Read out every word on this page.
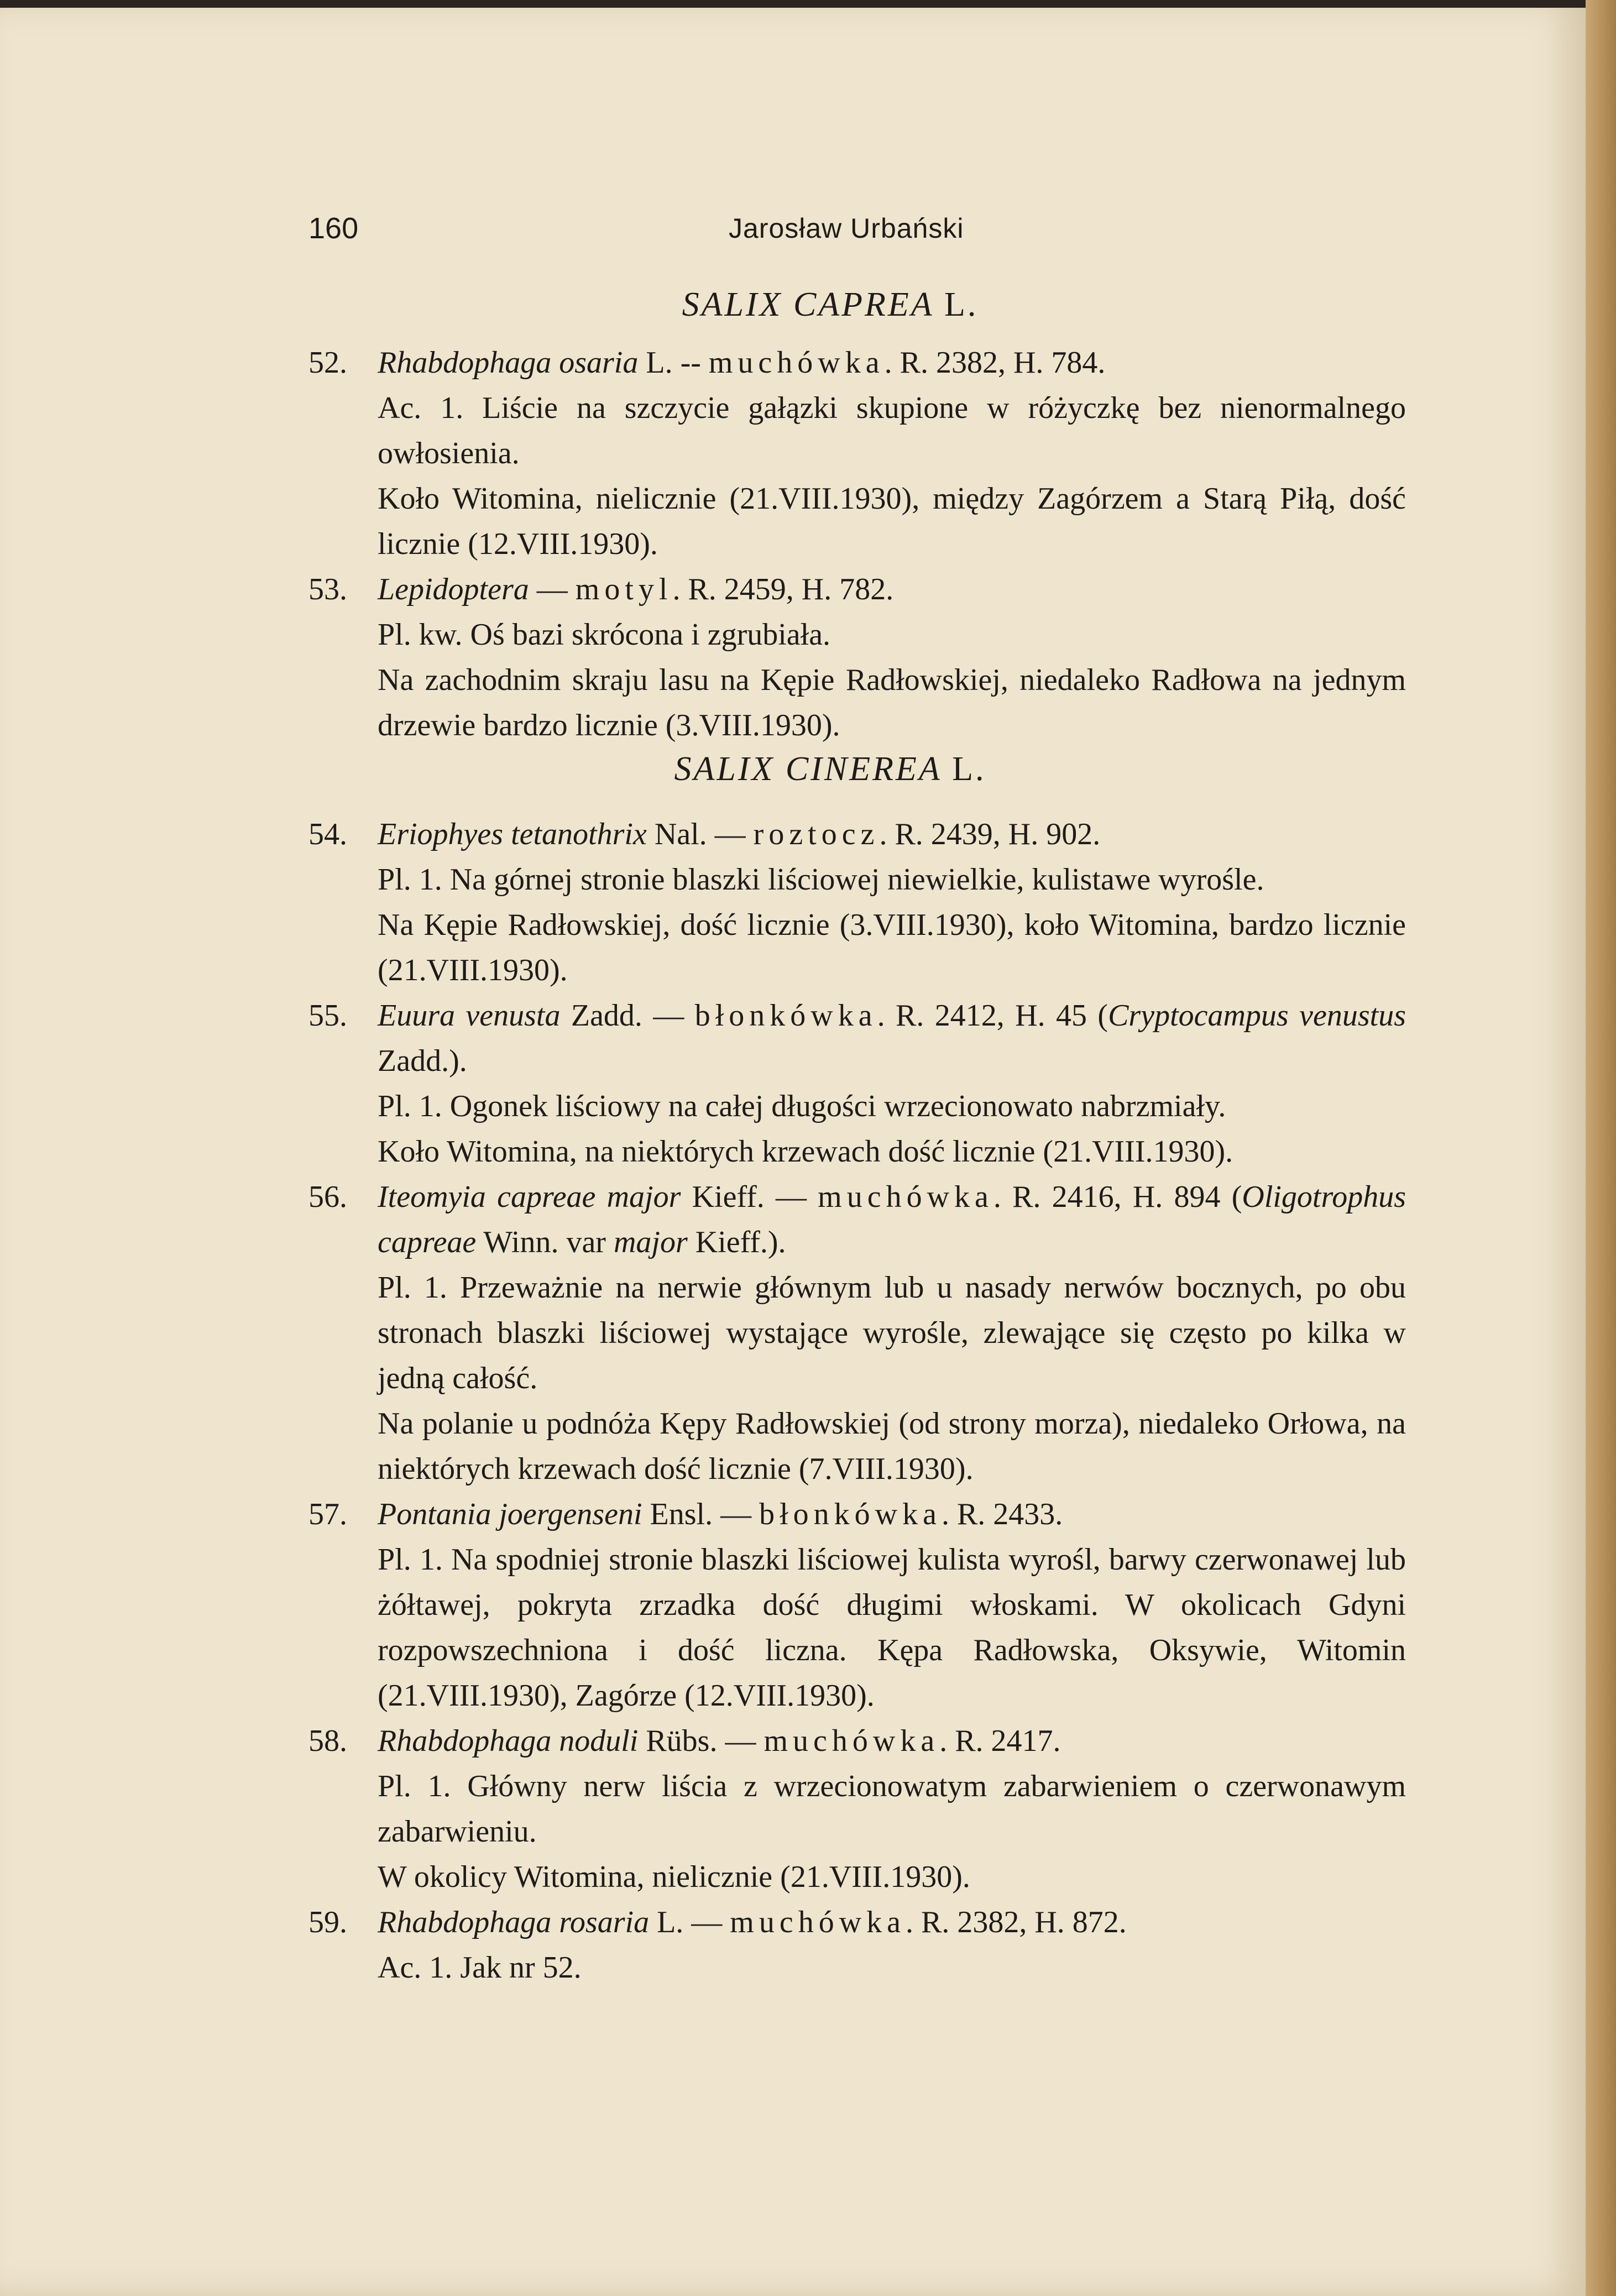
160	Jarosław Urbański
SALIX CAPREA L.
52. Rhabdophaga osaria L. -- muchówka. R. 2382, H. 784.

Ac. 1. Liście na szczycie gałązki skupione w różyczkę bez nienormalnego owłosienia.

Koło Witomina, nielicznie (21.VIII.1930), między Zagórzem a Starą Piłą, dość licznie (12.VIII.1930).

53. Lepidoptera — motyl. R. 2459, H. 782.

Pl. kw. Oś bazi skrócona i zgrubiała.

Na zachodnim skraju lasu na Kępie Radłowskiej, niedaleko Radłowa na jednym drzewie bardzo licznie (3.VIII.1930).

SALIX CINEREA L.
54. Eriophyes tetanothrix Nal. — roztocz. R. 2439, H. 902.

Pl. 1. Na górnej stronie blaszki liściowej niewielkie, kulistawe wyrośle.

Na Kępie Radłowskiej, dość licznie (3.VIII.1930), koło Witomina, bardzo licznie (21.VIII.1930).

55. Euura venusta Zadd. — błonkówka. R. 2412, H. 45 (Cryptocampus venustus Zadd.).

Pl. 1. Ogonek liściowy na całej długości wrzecionowato nabrzmiały.

Koło Witomina, na niektórych krzewach dość licznie (21.VIII.1930).

56. Iteomyia capreae major Kieff. — muchówka. R. 2416, H. 894 (Oligotrophus capreae Winn. var major Kieff.).

Pl. 1. Przeważnie na nerwie głównym lub u nasady nerwów bocznych, po obu stronach blaszki liściowej wystające wyrośle, zlewające się często po kilka w jedną całość.

Na polanie u podnóża Kępy Radłowskiej (od strony morza), niedaleko Orłowa, na niektórych krzewach dość licznie (7.VIII.1930).

57. Pontania joergenseni Ensl. — błonkówka. R. 2433.

Pl. 1. Na spodniej stronie blaszki liściowej kulista wyrośl, barwy czerwonawej lub żółtawej, pokryta zrzadka dość długimi włoskami. W okolicach Gdyni rozpowszechniona i dość liczna. Kępa Radłowska, Oksywie, Witomin (21.VIII.1930), Zagórze (12.VIII.1930).

58. Rhabdophaga noduli Rübs. — muchówka. R. 2417.

Pl. 1. Główny nerw liścia z wrzecionowatym zabarwieniem o czerwonawym zabarwieniu.

W okolicy Witomina, nielicznie (21.VIII.1930).

59. Rhabdophaga rosaria L. — muchówka. R. 2382, H. 872.

Ac. 1. Jak nr 52.
